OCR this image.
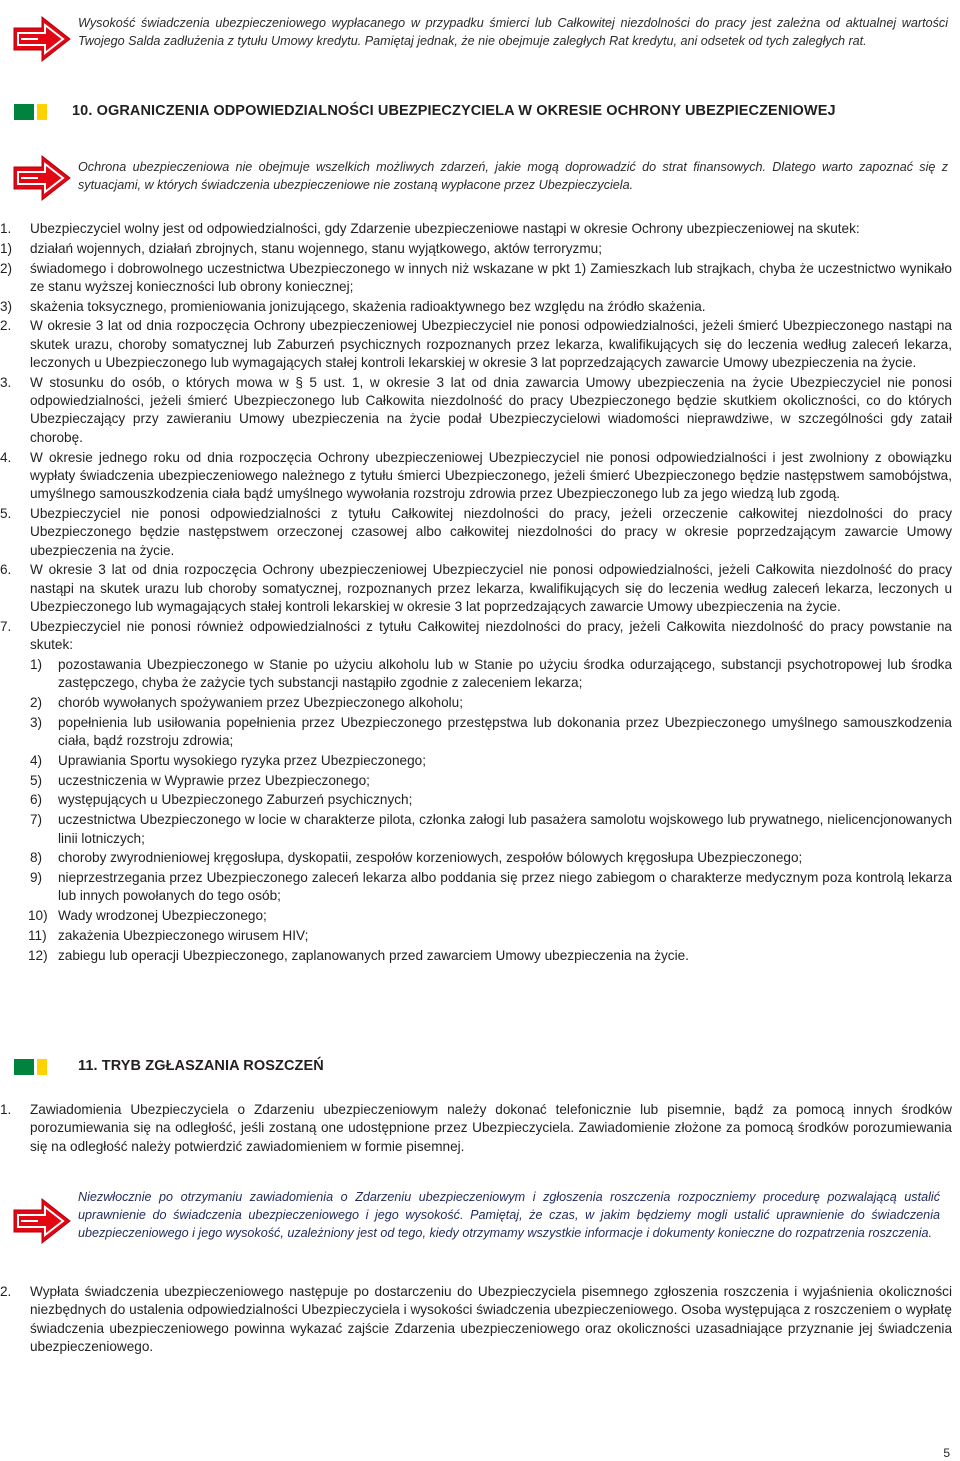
Wysokość świadczenia ubezpieczeniowego wypłacanego w przypadku śmierci lub Całkowitej niezdolności do pracy jest zależna od aktualnej wartości Twojego Salda zadłużenia z tytułu Umowy kredytu. Pamiętaj jednak, że nie obejmuje zaległych Rat kredytu, ani odsetek od tych zaległych rat.
10. OGRANICZENIA ODPOWIEDZIALNOŚCI UBEZPIECZYCIELA W OKRESIE OCHRONY UBEZPIECZENIOWEJ
Ochrona ubezpieczeniowa nie obejmuje wszelkich możliwych zdarzeń, jakie mogą doprowadzić do strat finansowych. Dlatego warto zapoznać się z sytuacjami, w których świadczenia ubezpieczeniowe nie zostaną wypłacone przez Ubezpieczyciela.
1. Ubezpieczyciel wolny jest od odpowiedzialności, gdy Zdarzenie ubezpieczeniowe nastąpi w okresie Ochrony ubezpieczeniowej na skutek:
1) działań wojennych, działań zbrojnych, stanu wojennego, stanu wyjątkowego, aktów terroryzmu;
2) świadomego i dobrowolnego uczestnictwa Ubezpieczonego w innych niż wskazane w pkt 1) Zamieszkach lub strajkach, chyba że uczestnictwo wynikało ze stanu wyższej konieczności lub obrony koniecznej;
3) skażenia toksycznego, promieniowania jonizującego, skażenia radioaktywnego bez względu na źródło skażenia.
2. W okresie 3 lat od dnia rozpoczęcia Ochrony ubezpieczeniowej Ubezpieczyciel nie ponosi odpowiedzialności, jeżeli śmierć Ubezpieczonego nastąpi na skutek urazu, choroby somatycznej lub Zaburzeń psychicznych rozpoznanych przez lekarza, kwalifikujących się do leczenia według zaleceń lekarza, leczonych u Ubezpieczonego lub wymagających stałej kontroli lekarskiej w okresie 3 lat poprzedzających zawarcie Umowy ubezpieczenia na życie.
3. W stosunku do osób, o których mowa w § 5 ust. 1, w okresie 3 lat od dnia zawarcia Umowy ubezpieczenia na życie Ubezpieczyciel nie ponosi odpowiedzialności, jeżeli śmierć Ubezpieczonego lub Całkowita niezdolność do pracy Ubezpieczonego będzie skutkiem okoliczności, co do których Ubezpieczający przy zawieraniu Umowy ubezpieczenia na życie podał Ubezpieczycielowi wiadomości nieprawdziwe, w szczególności gdy zataił chorobę.
4. W okresie jednego roku od dnia rozpoczęcia Ochrony ubezpieczeniowej Ubezpieczyciel nie ponosi odpowiedzialności i jest zwolniony z obowiązku wypłaty świadczenia ubezpieczeniowego należnego z tytułu śmierci Ubezpieczonego, jeżeli śmierć Ubezpieczonego będzie następstwem samobójstwa, umyślnego samouszkodzenia ciała bądź umyślnego wywołania rozstroju zdrowia przez Ubezpieczonego lub za jego wiedzą lub zgodą.
5. Ubezpieczyciel nie ponosi odpowiedzialności z tytułu Całkowitej niezdolności do pracy, jeżeli orzeczenie całkowitej niezdolności do pracy Ubezpieczonego będzie następstwem orzeczonej czasowej albo całkowitej niezdolności do pracy w okresie poprzedzającym zawarcie Umowy ubezpieczenia na życie.
6. W okresie 3 lat od dnia rozpoczęcia Ochrony ubezpieczeniowej Ubezpieczyciel nie ponosi odpowiedzialności, jeżeli Całkowita niezdolność do pracy nastąpi na skutek urazu lub choroby somatycznej, rozpoznanych przez lekarza, kwalifikujących się do leczenia według zaleceń lekarza, leczonych u Ubezpieczonego lub wymagających stałej kontroli lekarskiej w okresie 3 lat poprzedzających zawarcie Umowy ubezpieczenia na życie.
7. Ubezpieczyciel nie ponosi również odpowiedzialności z tytułu Całkowitej niezdolności do pracy, jeżeli Całkowita niezdolność do pracy powstanie na skutek:
1) pozostawania Ubezpieczonego w Stanie po użyciu alkoholu lub w Stanie po użyciu środka odurzającego, substancji psychotropowej lub środka zastępczego, chyba że zażycie tych substancji nastąpiło zgodnie z zaleceniem lekarza;
2) chorób wywołanych spożywaniem przez Ubezpieczonego alkoholu;
3) popełnienia lub usiłowania popełnienia przez Ubezpieczonego przestępstwa lub dokonania przez Ubezpieczonego umyślnego samouszkodzenia ciała, bądź rozstroju zdrowia;
4) Uprawiania Sportu wysokiego ryzyka przez Ubezpieczonego;
5) uczestniczenia w Wyprawie przez Ubezpieczonego;
6) występujących u Ubezpieczonego Zaburzeń psychicznych;
7) uczestnictwa Ubezpieczonego w locie w charakterze pilota, członka załogi lub pasażera samolotu wojskowego lub prywatnego, nielicencjonowanych linii lotniczych;
8) choroby zwyrodnieniowej kręgosłupa, dyskopatii, zespołów korzeniowych, zespołów bólowych kręgosłupa Ubezpieczonego;
9) nieprzestrzegania przez Ubezpieczonego zaleceń lekarza albo poddania się przez niego zabiegom o charakterze medycznym poza kontrolą lekarza lub innych powołanych do tego osób;
10) Wady wrodzonej Ubezpieczonego;
11) zakażenia Ubezpieczonego wirusem HIV;
12) zabiegu lub operacji Ubezpieczonego, zaplanowanych przed zawarciem Umowy ubezpieczenia na życie.
11. TRYB ZGŁASZANIA ROSZCZEŃ
1. Zawiadomienia Ubezpieczyciela o Zdarzeniu ubezpieczeniowym należy dokonać telefonicznie lub pisemnie, bądź za pomocą innych środków porozumiewania się na odległość, jeśli zostaną one udostępnione przez Ubezpieczyciela. Zawiadomienie złożone za pomocą środków porozumiewania się na odległość należy potwierdzić zawiadomieniem w formie pisemnej.
Niezwłocznie po otrzymaniu zawiadomienia o Zdarzeniu ubezpieczeniowym i zgłoszenia roszczenia rozpoczniemy procedurę pozwalającą ustalić uprawnienie do świadczenia ubezpieczeniowego i jego wysokość. Pamiętaj, że czas, w jakim będziemy mogli ustalić uprawnienie do świadczenia ubezpieczeniowego i jego wysokość, uzależniony jest od tego, kiedy otrzymamy wszystkie informacje i dokumenty konieczne do rozpatrzenia roszczenia.
2. Wypłata świadczenia ubezpieczeniowego następuje po dostarczeniu do Ubezpieczyciela pisemnego zgłoszenia roszczenia i wyjaśnienia okoliczności niezbędnych do ustalenia odpowiedzialności Ubezpieczyciela i wysokości świadczenia ubezpieczeniowego. Osoba występująca z roszczeniem o wypłatę świadczenia ubezpieczeniowego powinna wykazać zajście Zdarzenia ubezpieczeniowego oraz okoliczności uzasadniające przyznanie jej świadczenia ubezpieczeniowego.
5
